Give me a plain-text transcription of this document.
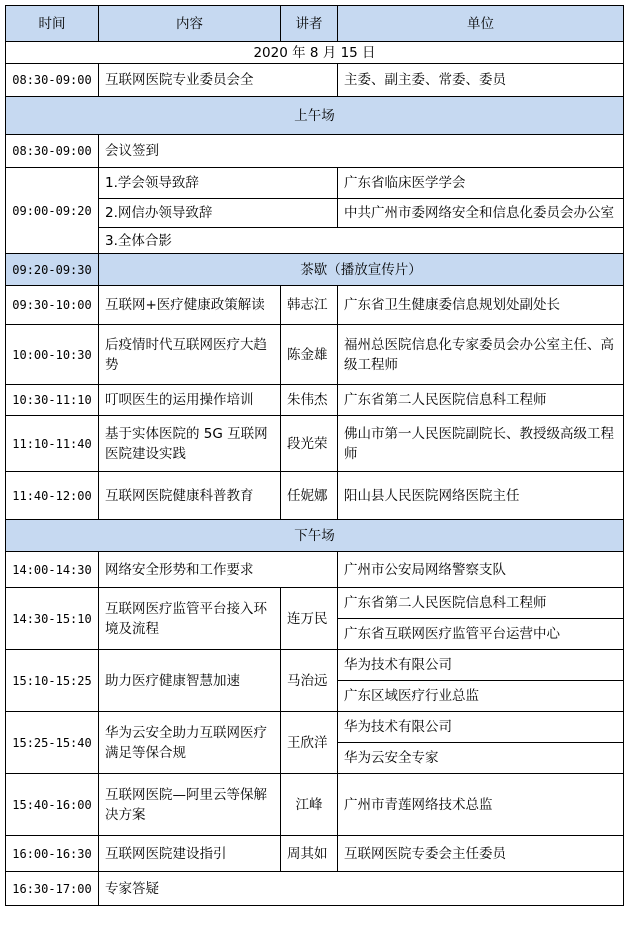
时间	内容	讲者	单位
2020 年 8 月 15 日			
08:30-09:00	互联网医院专业委员会全		主委、副主委、常委、委员
上午场			
08:30-09:00	会议签到		
09:00-09:20	1.学会领导致辞		广东省临床医学学会
	2.网信办领导致辞		中共广州市委网络安全和信息化委员会办公室
	3.全体合影		
09:20-09:30	茶歇（播放宣传片）		
09:30-10:00	互联网+医疗健康政策解读	韩志江	广东省卫生健康委信息规划处副处长
10:00-10:30	后疫情时代互联网医疗大趋势	陈金雄	福州总医院信息化专家委员会办公室主任、高级工程师
10:30-11:10	叮呗医生的运用操作培训	朱伟杰	广东省第二人民医院信息科工程师
11:10-11:40	基于实体医院的 5G 互联网医院建设实践	段光荣	佛山市第一人民医院副院长、教授级高级工程师
11:40-12:00	互联网医院健康科普教育	任妮娜	阳山县人民医院网络医院主任
下午场			
14:00-14:30	网络安全形势和工作要求		广州市公安局网络警察支队
14:30-15:10	互联网医疗监管平台接入环境及流程	连万民	广东省第二人民医院信息科工程师
			广东省互联网医疗监管平台运营中心
15:10-15:25	助力医疗健康智慧加速	马治远	华为技术有限公司
			广东区域医疗行业总监
15:25-15:40	华为云安全助力互联网医疗满足等保合规	王欣洋	华为技术有限公司
			华为云安全专家
15:40-16:00	互联网医院—阿里云等保解决方案	江峰	广州市青莲网络技术总监
16:00-16:30	互联网医院建设指引	周其如	互联网医院专委会主任委员
16:30-17:00	专家答疑		
